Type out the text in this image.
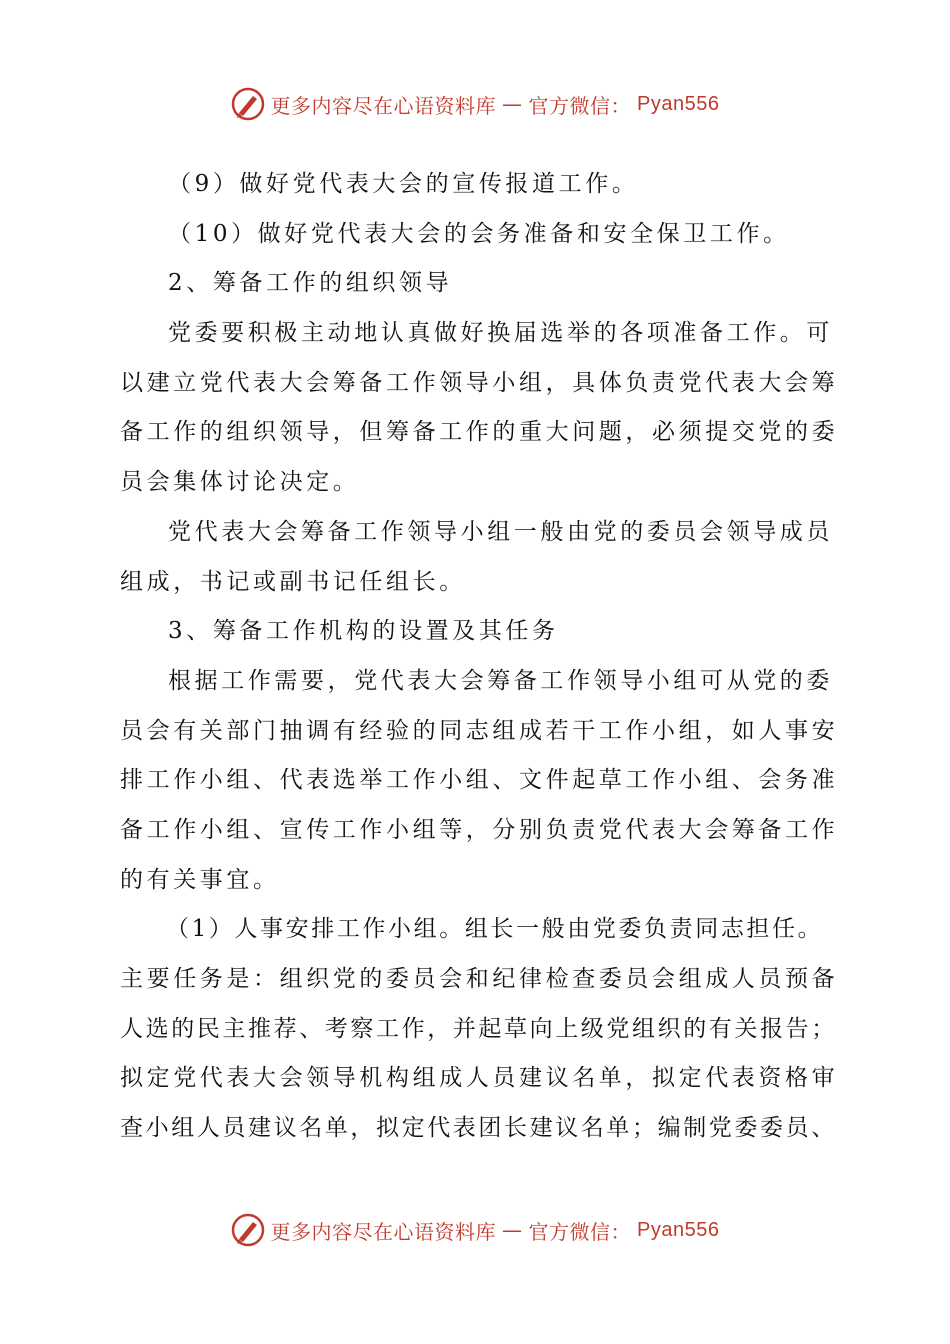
更多内容尽在心语资料库 — 官方微信： Pyan556
（9）做好党代表大会的宣传报道工作。
（10）做好党代表大会的会务准备和安全保卫工作。
2、筹备工作的组织领导
党委要积极主动地认真做好换届选举的各项准备工作。可
以建立党代表大会筹备工作领导小组，具体负责党代表大会筹
备工作的组织领导，但筹备工作的重大问题，必须提交党的委
员会集体讨论决定。
党代表大会筹备工作领导小组一般由党的委员会领导成员
组成，书记或副书记任组长。
3、筹备工作机构的设置及其任务
根据工作需要，党代表大会筹备工作领导小组可从党的委
员会有关部门抽调有经验的同志组成若干工作小组，如人事安
排工作小组、代表选举工作小组、文件起草工作小组、会务准
备工作小组、宣传工作小组等，分别负责党代表大会筹备工作
的有关事宜。
（1）人事安排工作小组。组长一般由党委负责同志担任。
主要任务是：组织党的委员会和纪律检查委员会组成人员预备
人选的民主推荐、考察工作，并起草向上级党组织的有关报告；
拟定党代表大会领导机构组成人员建议名单，拟定代表资格审
查小组人员建议名单，拟定代表团长建议名单；编制党委委员、
更多内容尽在心语资料库 — 官方微信： Pyan556
